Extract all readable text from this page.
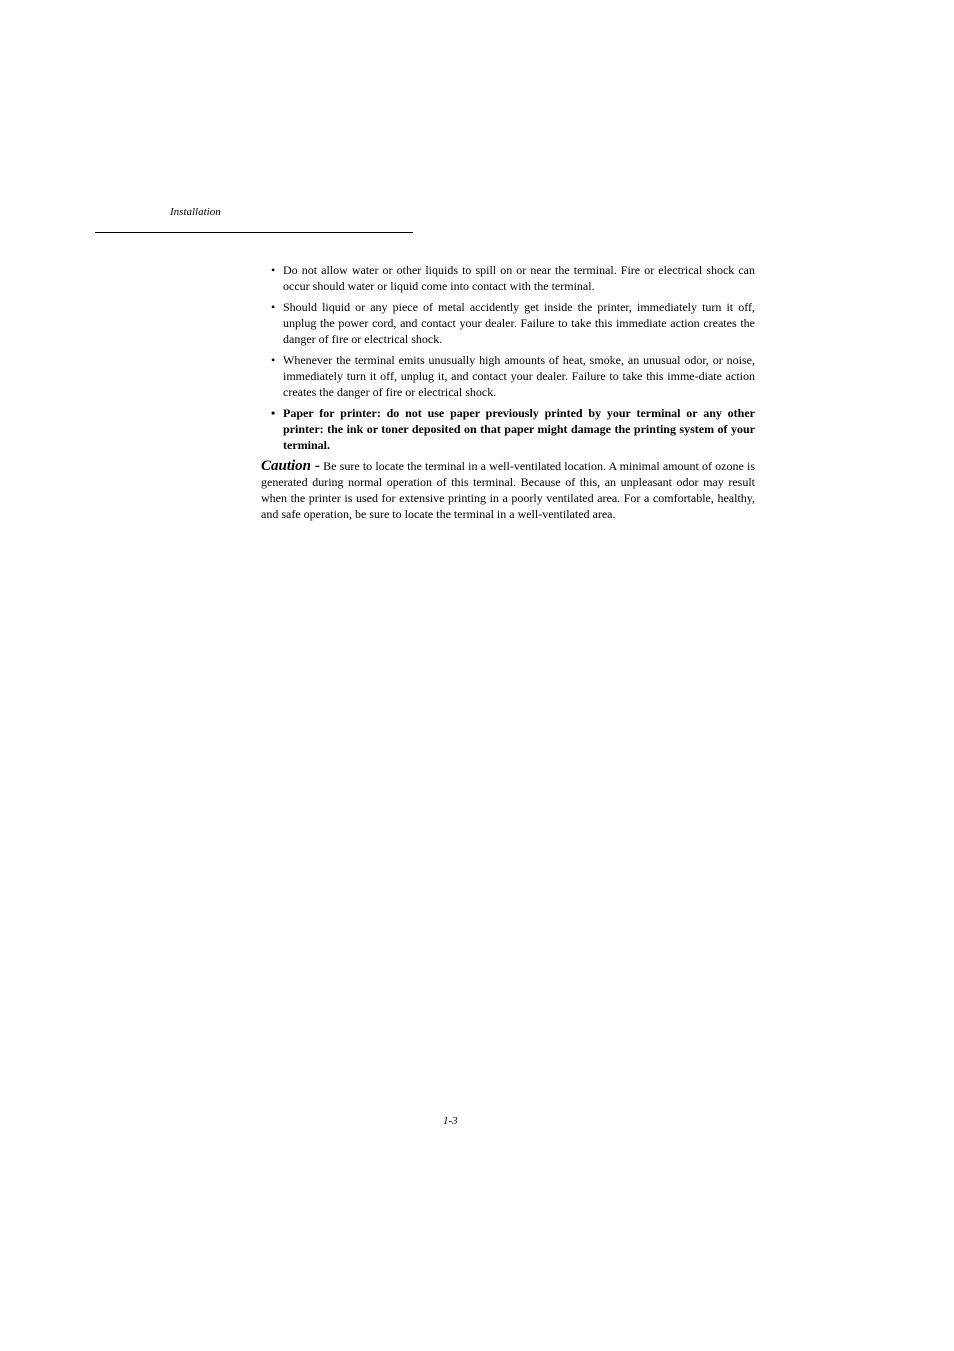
Installation
• Do not allow water or other liquids to spill on or near the terminal. Fire or electrical shock can occur should water or liquid come into contact with the terminal.
• Should liquid or any piece of metal accidently get inside the printer, immediately turn it off, unplug the power cord, and contact your dealer. Failure to take this immediate action creates the danger of fire or electrical shock.
• Whenever the terminal emits unusually high amounts of heat, smoke, an unusual odor, or noise, immediately turn it off, unplug it, and contact your dealer. Failure to take this imme-diate action creates the danger of fire or electrical shock.
• Paper for printer: do not use paper previously printed by your terminal or any other printer: the ink or toner deposited on that paper might damage the printing system of your terminal.

Caution - Be sure to locate the terminal in a well-ventilated location. A minimal amount of ozone is generated during normal operation of this terminal. Because of this, an unpleasant odor may result when the printer is used for extensive printing in a poorly ventilated area. For a comfortable, healthy, and safe operation, be sure to locate the terminal in a well-ventilated area.

1-3
